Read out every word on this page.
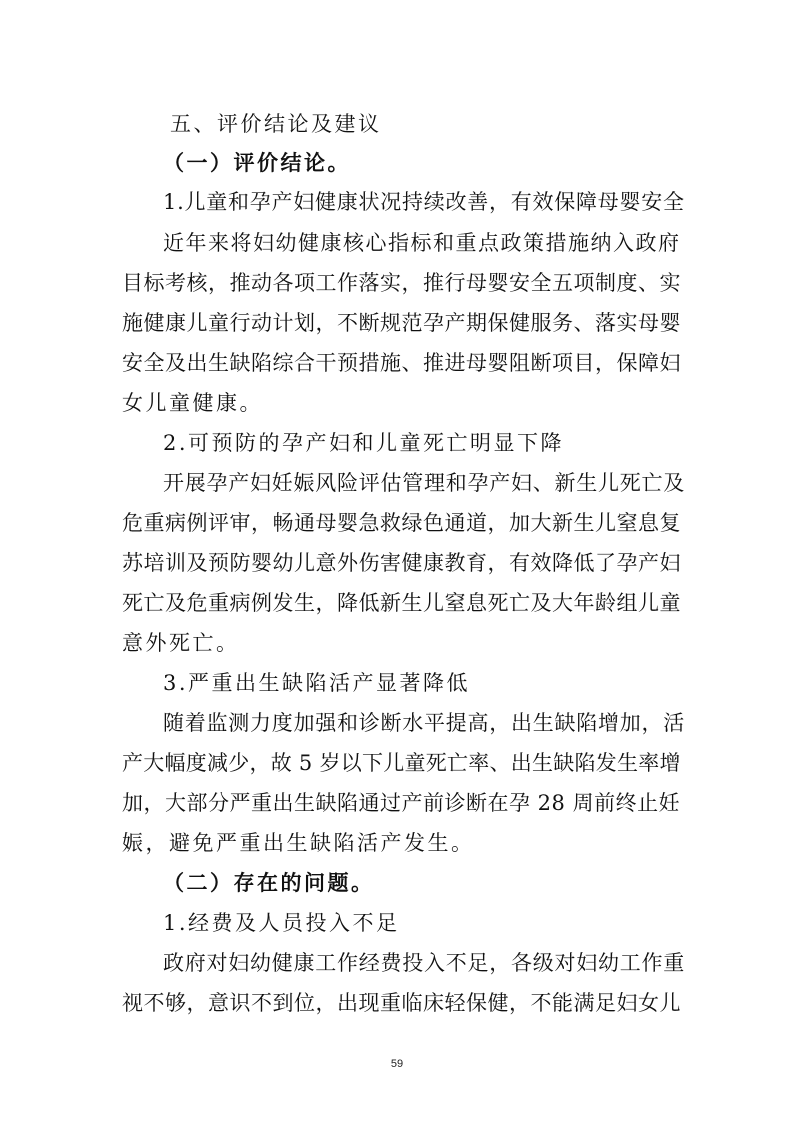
五、评价结论及建议
（一）评价结论。
1.儿童和孕产妇健康状况持续改善，有效保障母婴安全
近年来将妇幼健康核心指标和重点政策措施纳入政府
目标考核，推动各项工作落实，推行母婴安全五项制度、实
施健康儿童行动计划，不断规范孕产期保健服务、落实母婴
安全及出生缺陷综合干预措施、推进母婴阻断项目，保障妇
女儿童健康。
2.可预防的孕产妇和儿童死亡明显下降
开展孕产妇妊娠风险评估管理和孕产妇、新生儿死亡及
危重病例评审，畅通母婴急救绿色通道，加大新生儿窒息复
苏培训及预防婴幼儿意外伤害健康教育，有效降低了孕产妇
死亡及危重病例发生，降低新生儿窒息死亡及大年龄组儿童
意外死亡。
3.严重出生缺陷活产显著降低
随着监测力度加强和诊断水平提高，出生缺陷增加，活
产大幅度减少，故 5 岁以下儿童死亡率、出生缺陷发生率增
加，大部分严重出生缺陷通过产前诊断在孕 28 周前终止妊
娠，避免严重出生缺陷活产发生。
（二）存在的问题。
1.经费及人员投入不足
政府对妇幼健康工作经费投入不足，各级对妇幼工作重
视不够，意识不到位，出现重临床轻保健，不能满足妇女儿
59
